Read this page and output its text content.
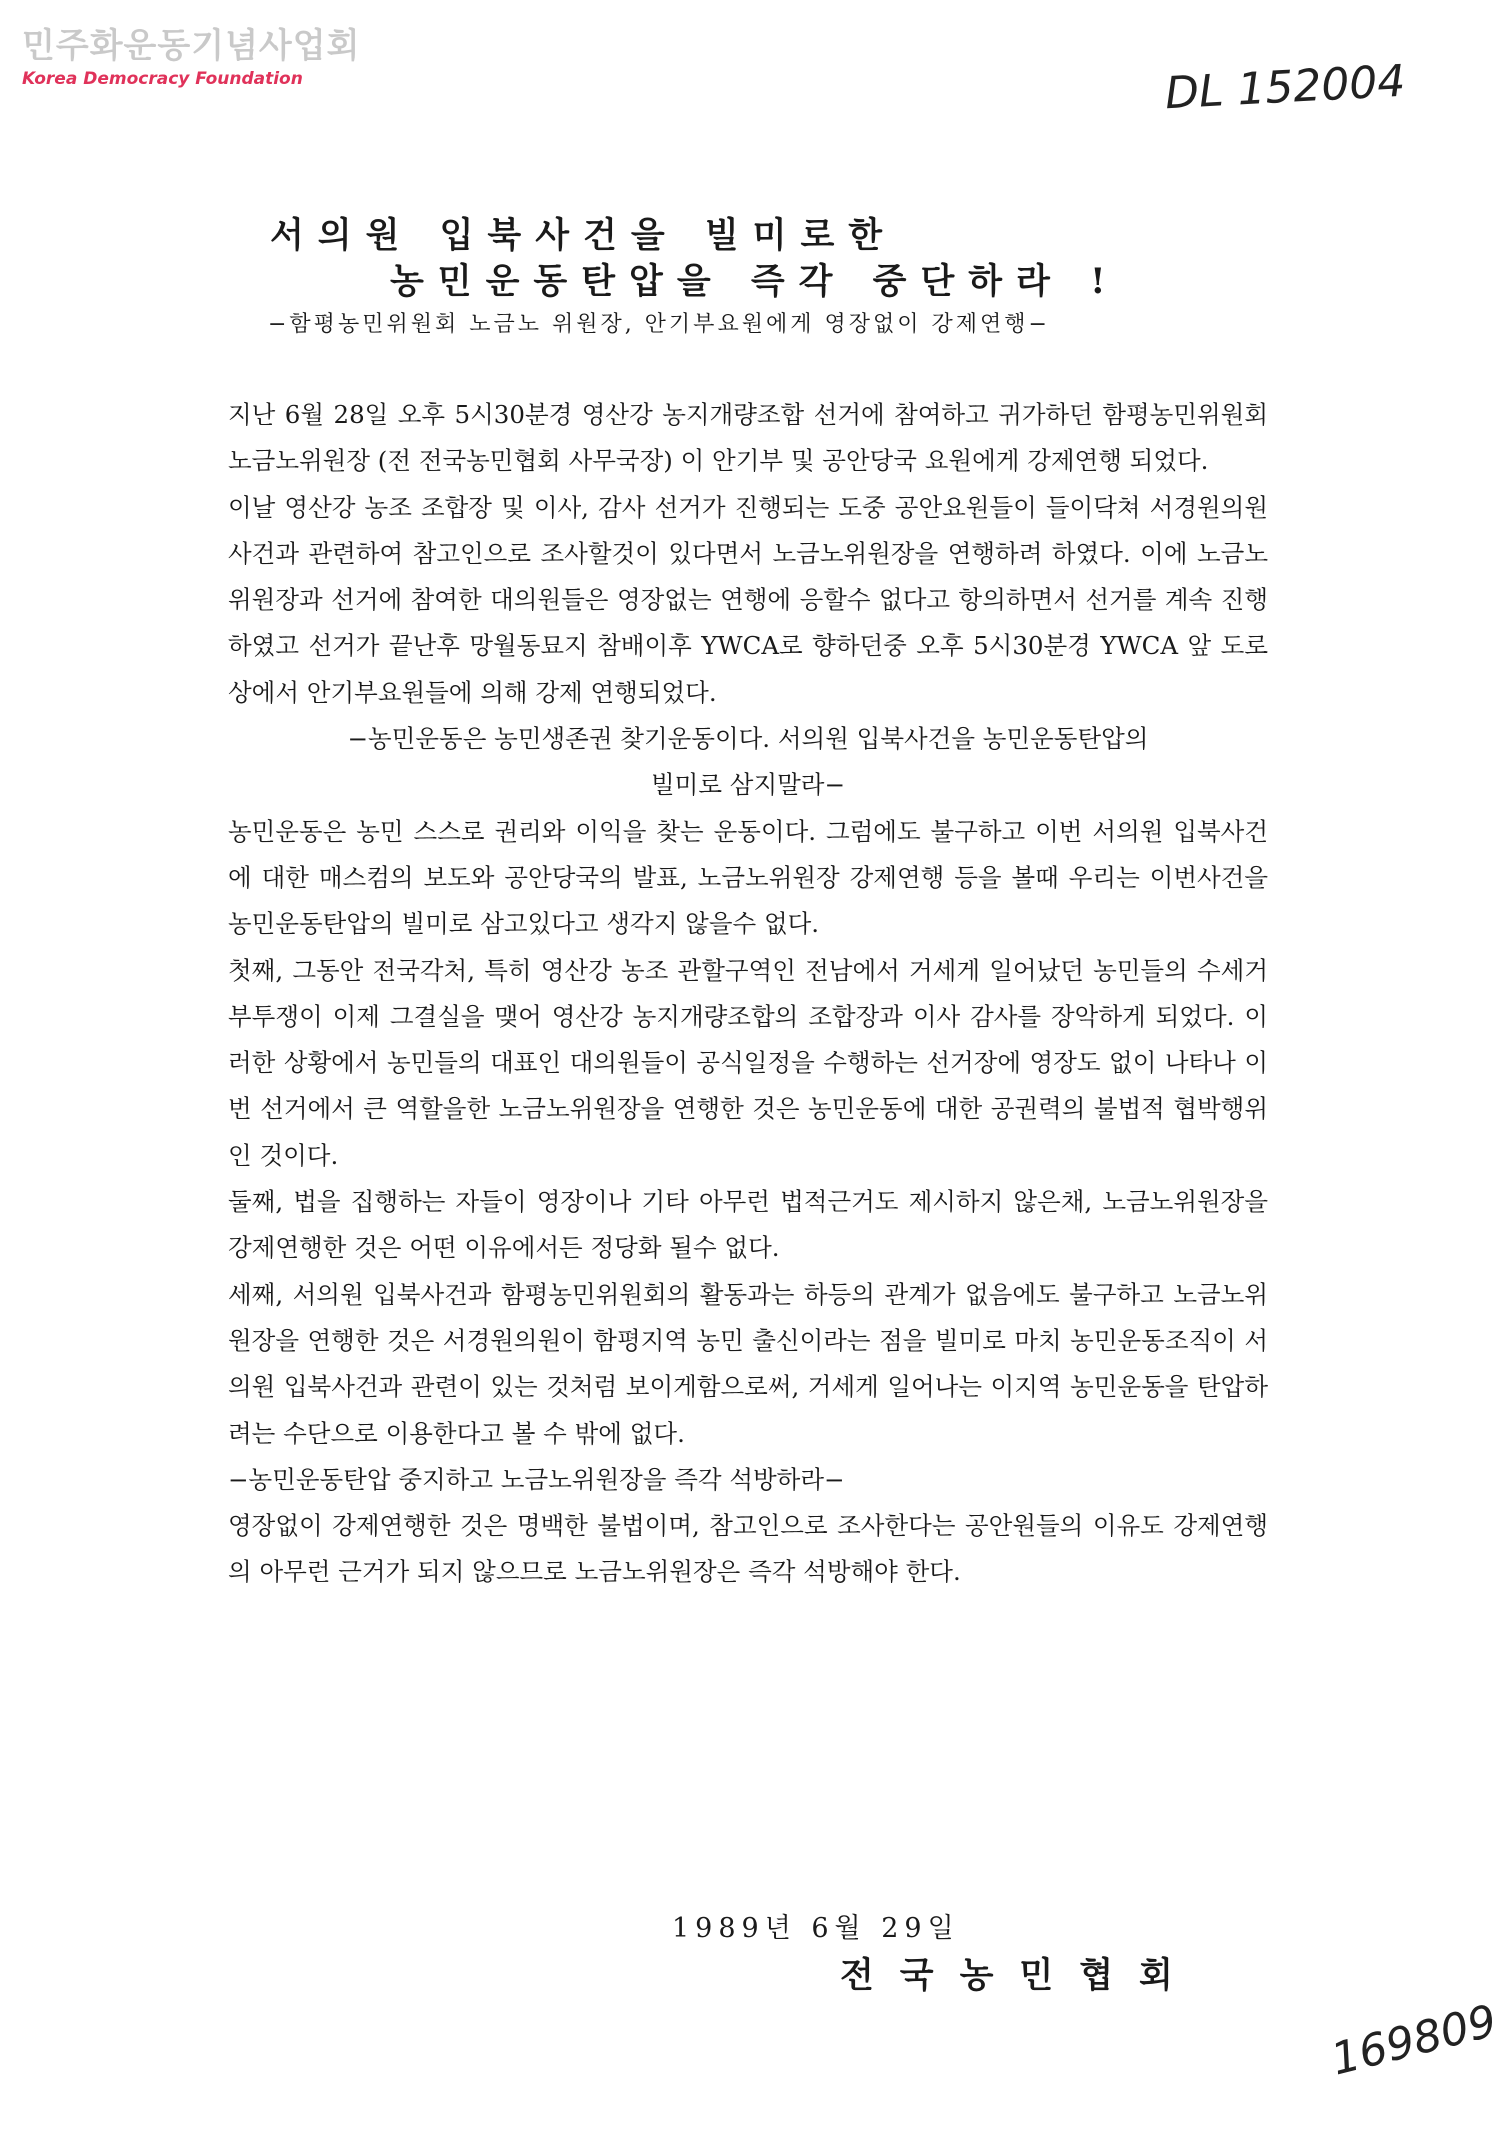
민주화운동기념사업회
Korea Democracy Foundation	DL 152004
서의원 입북사건을 빌미로한
농민운동탄압을 즉각 중단하라 !
−함평농민위원회 노금노 위원장, 안기부요원에게 영장없이 강제연행−

지난 6월 28일 오후 5시30분경 영산강 농지개량조합 선거에 참여하고 귀가하던 함평농민위원회 노금노위원장 (전 전국농민협회 사무국장) 이 안기부 및 공안당국 요원에게 강제연행 되었다.

이날 영산강 농조 조합장 및 이사, 감사 선거가 진행되는 도중 공안요원들이 들이닥쳐 서경원의원 사건과 관련하여 참고인으로 조사할것이 있다면서 노금노위원장을 연행하려 하였다. 이에 노금노위원장과 선거에 참여한 대의원들은 영장없는 연행에 응할수 없다고 항의하면서 선거를 계속 진행하였고 선거가 끝난후 망월동묘지 참배이후 YWCA로 향하던중 오후 5시30분경 YWCA 앞 도로상에서 안기부요원들에 의해 강제 연행되었다.

−농민운동은 농민생존권 찾기운동이다. 서의원 입북사건을 농민운동탄압의

빌미로 삼지말라−

농민운동은 농민 스스로 권리와 이익을 찾는 운동이다. 그럼에도 불구하고 이번 서의원 입북사건에 대한 매스컴의 보도와 공안당국의 발표, 노금노위원장 강제연행 등을 볼때 우리는 이번사건을 농민운동탄압의 빌미로 삼고있다고 생각지 않을수 없다.

첫째, 그동안 전국각처, 특히 영산강 농조 관할구역인 전남에서 거세게 일어났던 농민들의 수세거부투쟁이 이제 그결실을 맺어 영산강 농지개량조합의 조합장과 이사 감사를 장악하게 되었다. 이러한 상황에서 농민들의 대표인 대의원들이 공식일정을 수행하는 선거장에 영장도 없이 나타나 이번 선거에서 큰 역할을한 노금노위원장을 연행한 것은 농민운동에 대한 공권력의 불법적 협박행위인 것이다.

둘째, 법을 집행하는 자들이 영장이나 기타 아무런 법적근거도 제시하지 않은채, 노금노위원장을 강제연행한 것은 어떤 이유에서든 정당화 될수 없다.

세째, 서의원 입북사건과 함평농민위원회의 활동과는 하등의 관계가 없음에도 불구하고 노금노위원장을 연행한 것은 서경원의원이 함평지역 농민 출신이라는 점을 빌미로 마치 농민운동조직이 서의원 입북사건과 관련이 있는 것처럼 보이게함으로써, 거세게 일어나는 이지역 농민운동을 탄압하려는 수단으로 이용한다고 볼 수 밖에 없다.

−농민운동탄압 중지하고 노금노위원장을 즉각 석방하라−

영장없이 강제연행한 것은 명백한 불법이며, 참고인으로 조사한다는 공안원들의 이유도 강제연행의 아무런 근거가 되지 않으므로 노금노위원장은 즉각 석방해야 한다.

1989년 6월 29일
전국농민협회
169809
